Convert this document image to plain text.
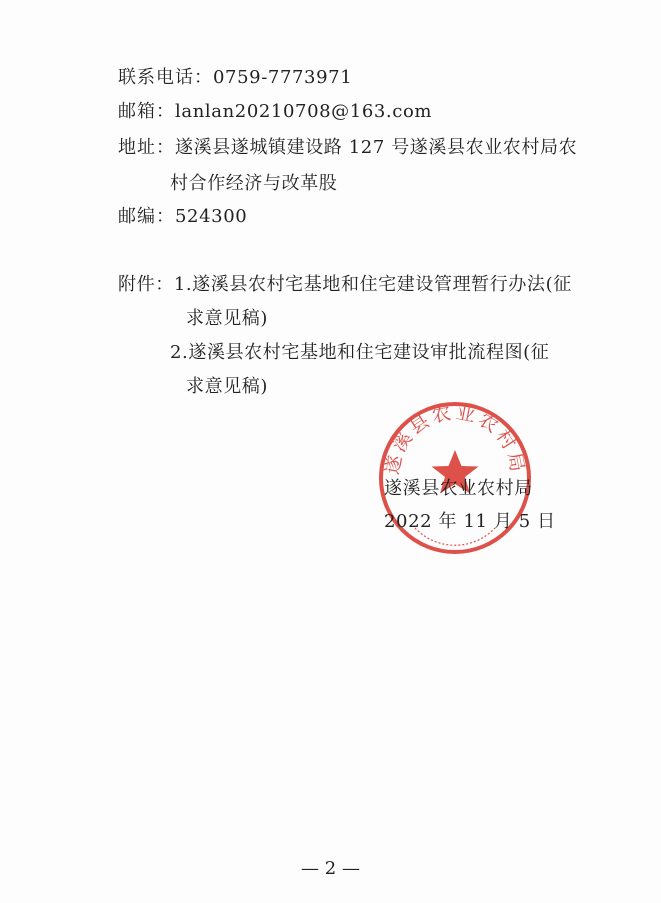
联系电话：0759-7773971
邮箱：lanlan20210708@163.com
地址：遂溪县遂城镇建设路 127 号遂溪县农业农村局农
村合作经济与改革股
邮编：524300
附件：1.遂溪县农村宅基地和住宅建设管理暂行办法(征
求意见稿)
2.遂溪县农村宅基地和住宅建设审批流程图(征
求意见稿)
遂溪县农业农村局
遂溪县农业农村局
2022 年 11 月 5 日
— 2 —
